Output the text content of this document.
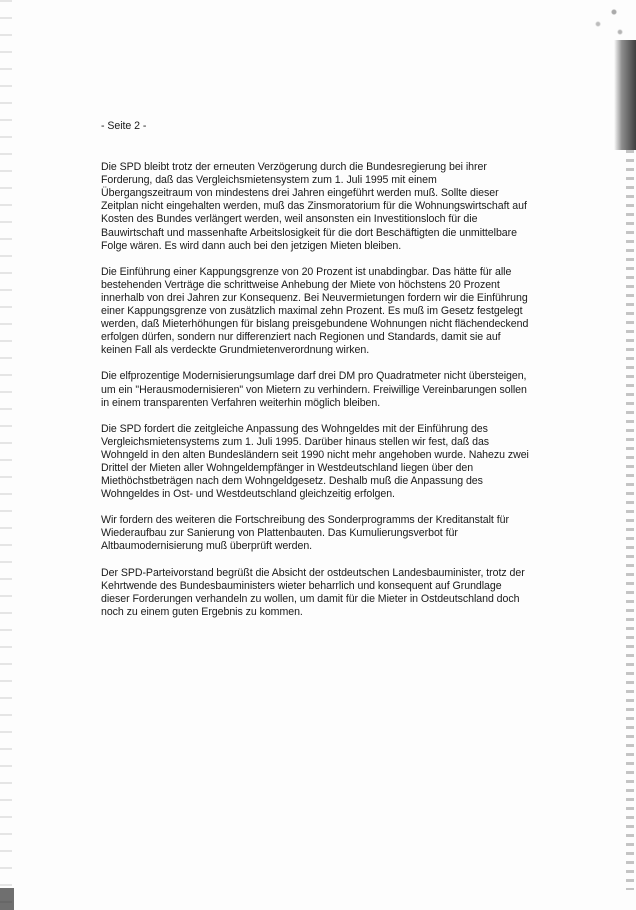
- Seite 2 -

Die SPD bleibt trotz der erneuten Verzögerung durch die Bundesregierung bei ihrer Forderung, daß das Vergleichsmietensystem zum 1. Juli 1995 mit einem Übergangszeitraum von mindestens drei Jahren eingeführt werden muß. Sollte dieser Zeitplan nicht eingehalten werden, muß das Zinsmoratorium für die Wohnungswirtschaft auf Kosten des Bundes verlängert werden, weil ansonsten ein Investitionsloch für die Bauwirtschaft und massenhafte Arbeitslosigkeit für die dort Beschäftigten die unmittelbare Folge wären. Es wird dann auch bei den jetzigen Mieten bleiben.

Die Einführung einer Kappungsgrenze von 20 Prozent ist unabdingbar. Das hätte für alle bestehenden Verträge die schrittweise Anhebung der Miete von höchstens 20 Prozent innerhalb von drei Jahren zur Konsequenz. Bei Neuvermietungen fordern wir die Einführung einer Kappungsgrenze von zusätzlich maximal zehn Prozent. Es muß im Gesetz festgelegt werden, daß Mieterhöhungen für bislang preisgebundene Wohnungen nicht flächendeckend erfolgen dürfen, sondern nur differenziert nach Regionen und Standards, damit sie auf keinen Fall als verdeckte Grundmietenverordnung wirken.

Die elfprozentige Modernisierungsumlage darf drei DM pro Quadratmeter nicht übersteigen, um ein "Herausmodernisieren" von Mietern zu verhindern. Freiwillige Vereinbarungen sollen in einem transparenten Verfahren weiterhin möglich bleiben.

Die SPD fordert die zeitgleiche Anpassung des Wohngeldes mit der Einführung des Vergleichsmietensystems zum 1. Juli 1995. Darüber hinaus stellen wir fest, daß das Wohngeld in den alten Bundesländern seit 1990 nicht mehr angehoben wurde. Nahezu zwei Drittel der Mieten aller Wohngeldempfänger in Westdeutschland liegen über den Miethöchstbeträgen nach dem Wohngeldgesetz. Deshalb muß die Anpassung des Wohngeldes in Ost- und Westdeutschland gleichzeitig erfolgen.

Wir fordern des weiteren die Fortschreibung des Sonderprogramms der Kreditanstalt für Wiederaufbau zur Sanierung von Plattenbauten. Das Kumulierungsverbot für Altbaumodernisierung muß überprüft werden.

Der SPD-Parteivorstand begrüßt die Absicht der ostdeutschen Landesbauminister, trotz der Kehrtwende des Bundesbauministers wieter beharrlich und konsequent auf Grundlage dieser Forderungen verhandeln zu wollen, um damit für die Mieter in Ostdeutschland doch noch zu einem guten Ergebnis zu kommen.
